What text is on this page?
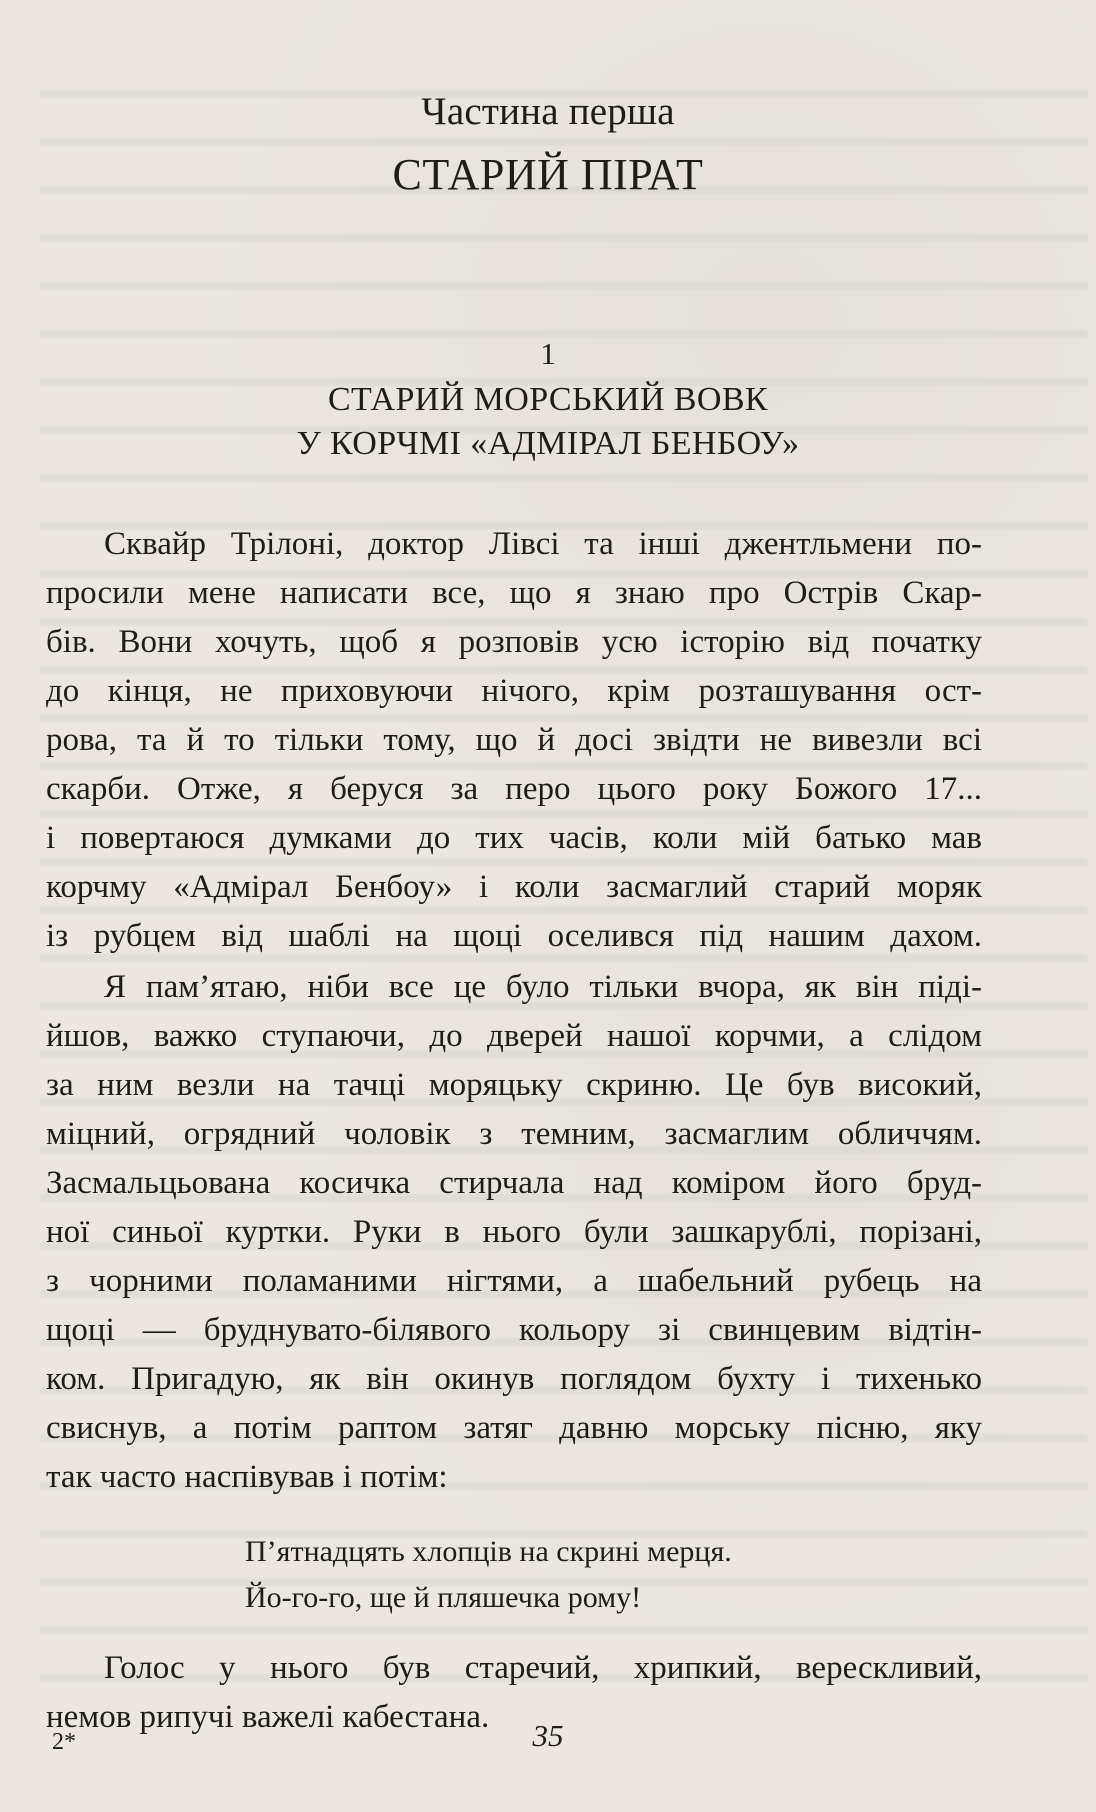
Частина перша
СТАРИЙ ПІРАТ
1
СТАРИЙ МОРСЬКИЙ ВОВК
У КОРЧМІ «АДМІРАЛ БЕНБОУ»
Сквайр Трілоні, доктор Лівсі та інші джентльмени по-
просили мене написати все, що я знаю про Острів Скар-
бів. Вони хочуть, щоб я розповів усю історію від початку
до кінця, не приховуючи нічого, крім розташування ост-
рова, та й то тільки тому, що й досі звідти не вивезли всі
скарби. Отже, я беруся за перо цього року Божого 17...
і повертаюся думками до тих часів, коли мій батько мав
корчму «Адмірал Бенбоу» і коли засмаглий старий моряк
із рубцем від шаблі на щоці оселився під нашим дахом.
Я пам’ятаю, ніби все це було тільки вчора, як він піді-
йшов, важко ступаючи, до дверей нашої корчми, а слідом
за ним везли на тачці моряцьку скриню. Це був високий,
міцний, огрядний чоловік з темним, засмаглим обличчям.
Засмальцьована косичка стирчала над коміром його бруд-
ної синьої куртки. Руки в нього були зашкарублі, порізані,
з чорними поламаними нігтями, а шабельний рубець на
щоці — бруднувато-білявого кольору зі свинцевим відтін-
ком. Пригадую, як він окинув поглядом бухту і тихенько
свиснув, а потім раптом затяг давню морську пісню, яку
так часто наспівував і потім:
П’ятнадцять хлопців на скрині мерця.
Йо-го-го, ще й пляшечка рому!
Голос у нього був старечий, хрипкий, верескливий,
немов рипучі важелі кабестана.
2*	35
